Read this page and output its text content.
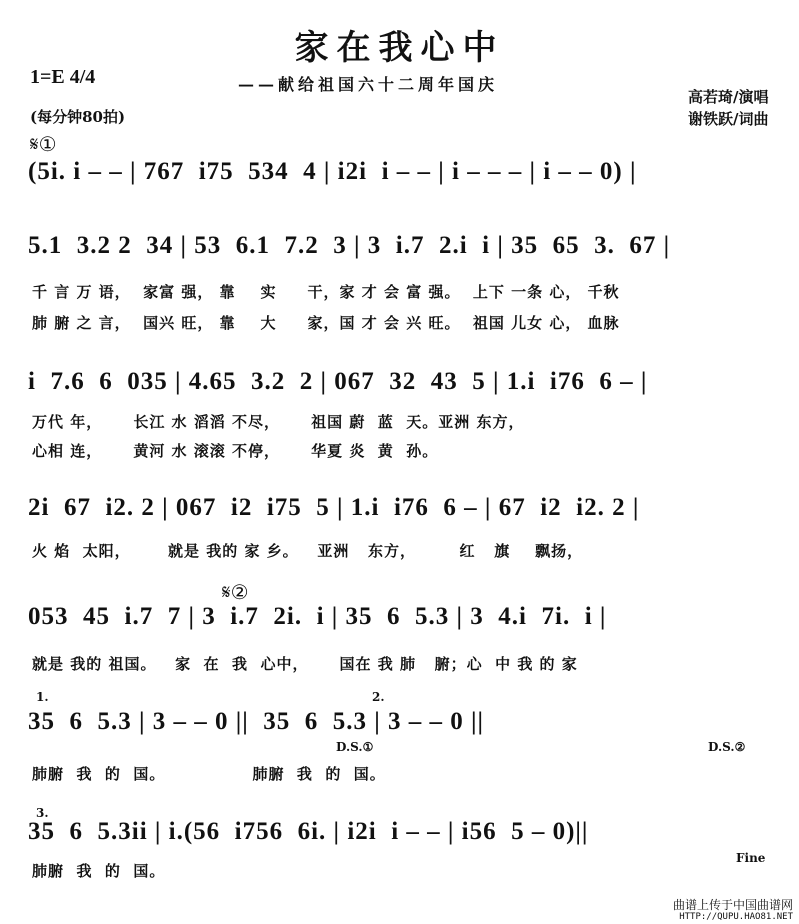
家在我心中
1=E 4/4	——献给祖国六十二周年国庆
(每分钟80拍)
高若琦/演唱
谢铁跃/词曲
𝄋①
(5i. i – – | 767  i75  534  4 | i2i  i – – | i – – – | i – – 0) |
5.1  3.2 2  34 | 53  6.1  7.2  3 | 3  i.7  2.i  i | 35  65  3.  67 |
千 言 万 语，  家富 强， 靠    实     干，家 才 会 富 强。  上下 一条 心， 千秋
肺 腑 之 言，  国兴 旺， 靠    大     家，国 才 会 兴 旺。  祖国 儿女 心， 血脉
i  7.6  6  035 | 4.65  3.2  2 | 067  32  43  5 | 1.i  i76  6 – |
万代 年，     长江 水 滔滔 不尽，     祖国 蔚  蓝  天。亚洲 东方，
心相 连，     黄河 水 滚滚 不停，     华夏 炎  黄  孙。
2i  67  i2. 2 | 067  i2  i75  5 | 1.i  i76  6 – | 67  i2  i2. 2 |
火 焰  太阳，      就是 我的 家 乡。   亚洲   东方，       红   旗    飘扬，
𝄋②
053  45  i.7  7 | 3  i.7  2i.  i | 35  6  5.3 | 3  4.i  7i.  i |
就是 我的 祖国。   家  在  我  心中，     国在 我 肺   腑；心  中 我 的 家
1.	2.
35  6  5.3 | 3 – – 0 ||  35  6  5.3 | 3 – – 0 ||
D.S.①	D.S.②
肺腑  我  的  国。              肺腑  我  的  国。
3.
35  6  5.3ii | i.(56  i756  6i. | i2i  i – – | i56  5 – 0)||
Fine
肺腑  我  的  国。
曲谱上传于中国曲谱网
HTTP://QUPU.HAO81.NET
